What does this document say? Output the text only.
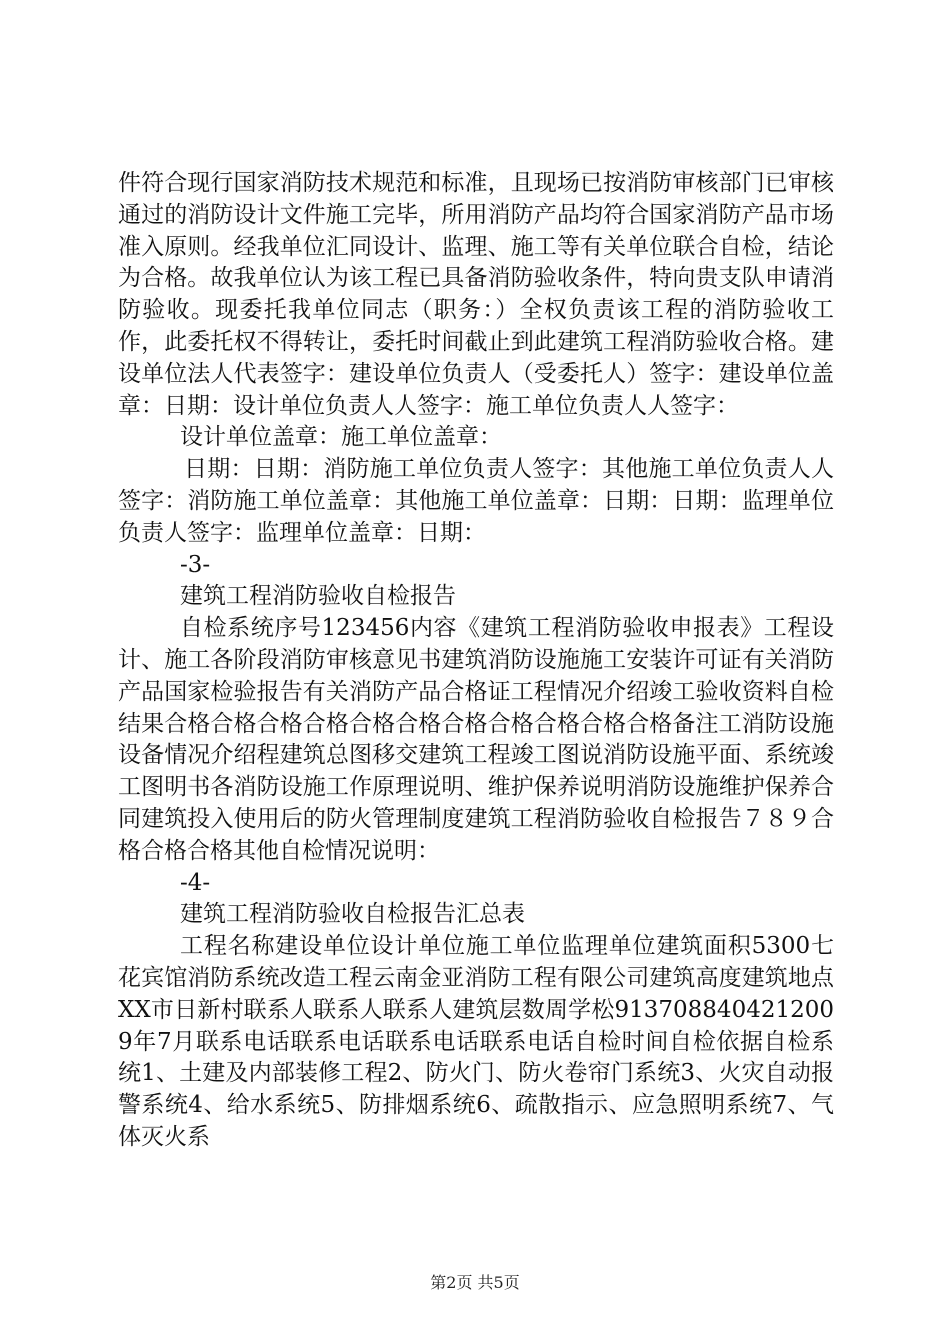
件符合现行国家消防技术规范和标准，且现场已按消防审核部门已审核通过的消防设计文件施工完毕，所用消防产品均符合国家消防产品市场准入原则。经我单位汇同设计、监理、施工等有关单位联合自检，结论为合格。故我单位认为该工程已具备消防验收条件，特向贵支队申请消防验收。现委托我单位同志（职务：）全权负责该工程的消防验收工作，此委托权不得转让，委托时间截止到此建筑工程消防验收合格。建设单位法人代表签字：建设单位负责人（受委托人）签字：建设单位盖章：日期：设计单位负责人人签字：施工单位负责人人签字：

设计单位盖章：施工单位盖章：

日期：日期：消防施工单位负责人签字：其他施工单位负责人人签字：消防施工单位盖章：其他施工单位盖章：日期：日期：监理单位负责人签字：监理单位盖章：日期：

-3-

建筑工程消防验收自检报告

自检系统序号123456内容《建筑工程消防验收申报表》工程设计、施工各阶段消防审核意见书建筑消防设施施工安装许可证有关消防产品国家检验报告有关消防产品合格证工程情况介绍竣工验收资料自检结果合格合格合格合格合格合格合格合格合格合格合格备注工消防设施设备情况介绍程建筑总图移交建筑工程竣工图说消防设施平面、系统竣工图明书各消防设施工作原理说明、维护保养说明消防设施维护保养合同建筑投入使用后的防火管理制度建筑工程消防验收自检报告７８９合格合格合格其他自检情况说明：

-4-

建筑工程消防验收自检报告汇总表

工程名称建设单位设计单位施工单位监理单位建筑面积5300七花宾馆消防系统改造工程云南金亚消防工程有限公司建筑高度建筑地点XX市日新村联系人联系人联系人建筑层数周学松9137088404212009年7月联系电话联系电话联系电话联系电话自检时间自检依据自检系统1、土建及内部装修工程2、防火门、防火卷帘门系统3、火灾自动报警系统4、给水系统5、防排烟系统6、疏散指示、应急照明系统7、气体灭火系

第2页 共5页
